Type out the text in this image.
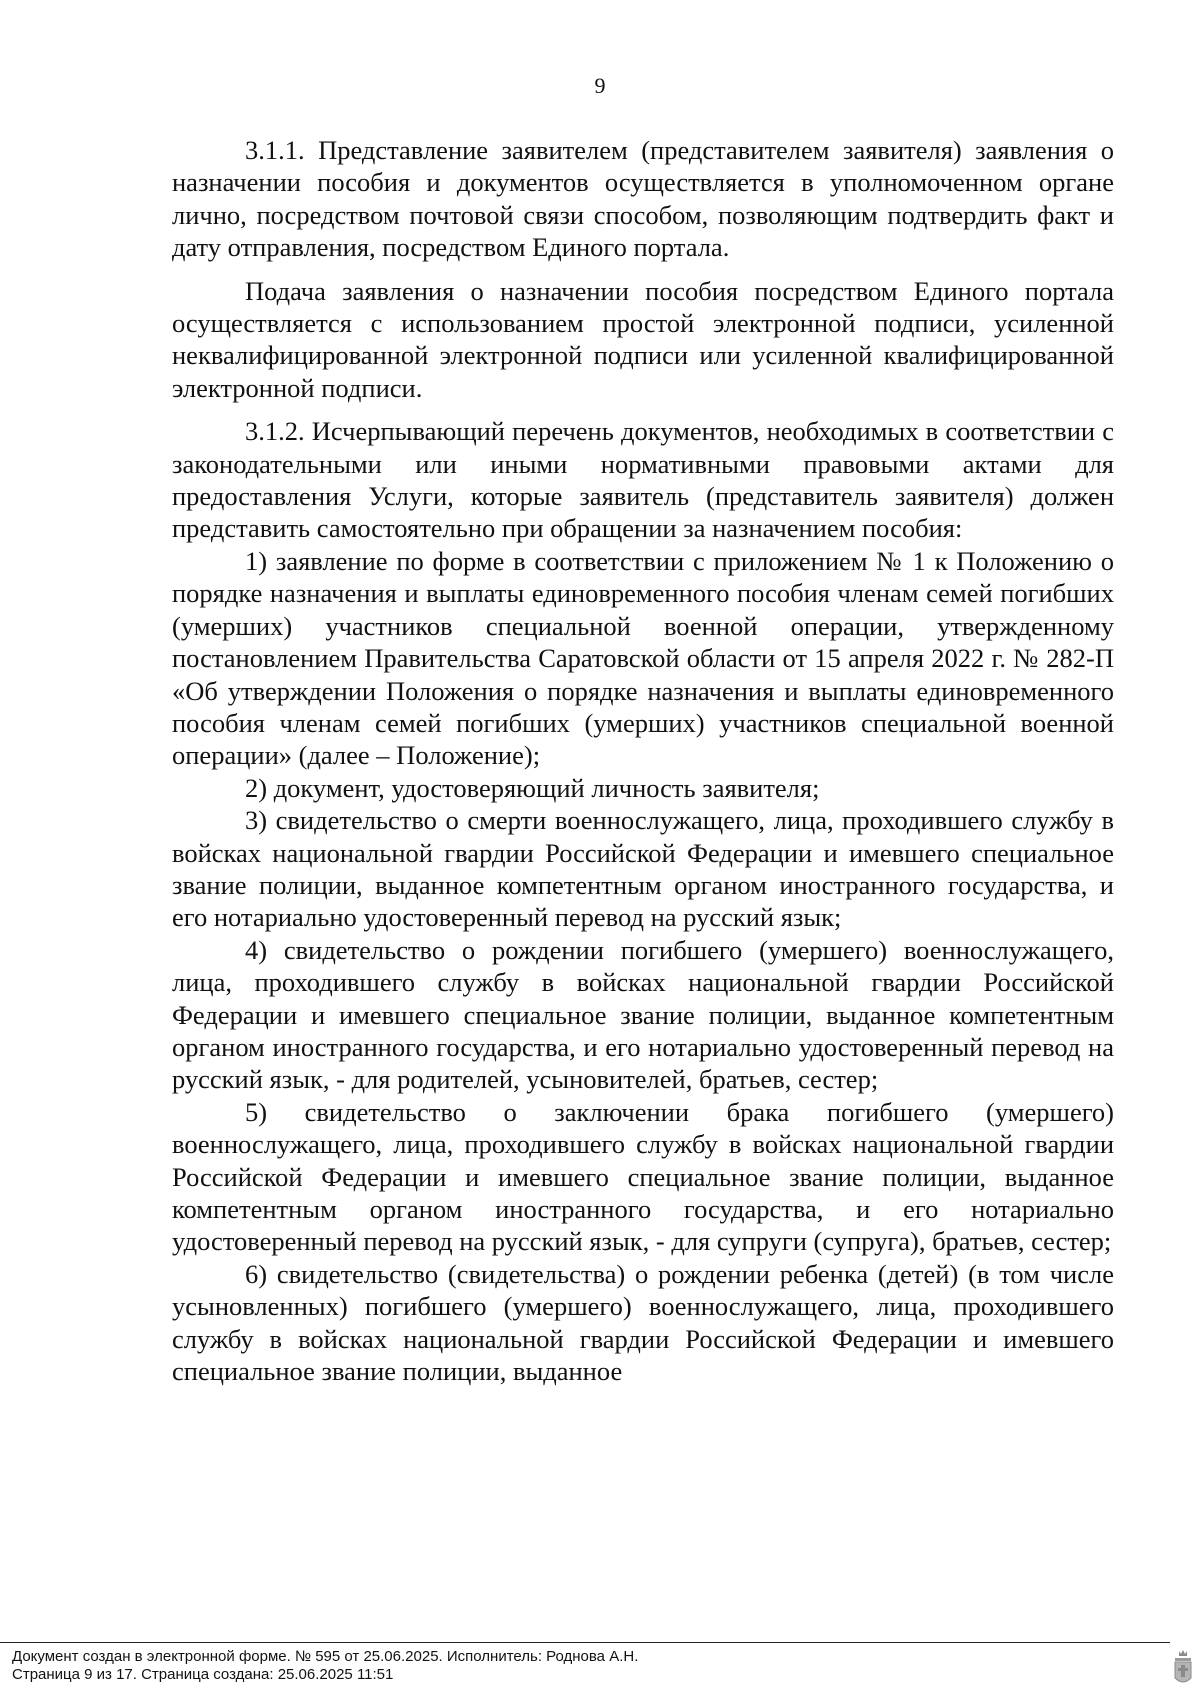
9

3.1.1. Представление заявителем (представителем заявителя) заявления о назначении пособия и документов осуществляется в уполномоченном органе лично, посредством почтовой связи способом, позволяющим подтвердить факт и дату отправления, посредством Единого портала.

Подача заявления о назначении пособия посредством Единого портала осуществляется с использованием простой электронной подписи, усиленной неквалифицированной электронной подписи или усиленной квалифицированной электронной подписи.

3.1.2. Исчерпывающий перечень документов, необходимых в соответствии с законодательными или иными нормативными правовыми актами для предоставления Услуги, которые заявитель (представитель заявителя) должен представить самостоятельно при обращении за назначением пособия:

1) заявление по форме в соответствии с приложением № 1 к Положению о порядке назначения и выплаты единовременного пособия членам семей погибших (умерших) участников специальной военной операции, утвержденному постановлением Правительства Саратовской области от 15 апреля 2022 г. № 282-П «Об утверждении Положения о порядке назначения и выплаты единовременного пособия членам семей погибших (умерших) участников специальной военной операции» (далее – Положение);

2) документ, удостоверяющий личность заявителя;

3) свидетельство о смерти военнослужащего, лица, проходившего службу в войсках национальной гвардии Российской Федерации и имевшего специальное звание полиции, выданное компетентным органом иностранного государства, и его нотариально удостоверенный перевод на русский язык;

4) свидетельство о рождении погибшего (умершего) военнослужащего, лица, проходившего службу в войсках национальной гвардии Российской Федерации и имевшего специальное звание полиции, выданное компетентным органом иностранного государства, и его нотариально удостоверенный перевод на русский язык, - для родителей, усыновителей, братьев, сестер;

5) свидетельство о заключении брака погибшего (умершего) военнослужащего, лица, проходившего службу в войсках национальной гвардии Российской Федерации и имевшего специальное звание полиции, выданное компетентным органом иностранного государства, и его нотариально удостоверенный перевод на русский язык, - для супруги (супруга), братьев, сестер;

6) свидетельство (свидетельства) о рождении ребенка (детей) (в том числе усыновленных) погибшего (умершего) военнослужащего, лица, проходившего службу в войсках национальной гвардии Российской Федерации и имевшего специальное звание полиции, выданное

Документ создан в электронной форме. № 595 от 25.06.2025. Исполнитель: Роднова А.Н.
Страница 9 из 17. Страница создана: 25.06.2025 11:51
